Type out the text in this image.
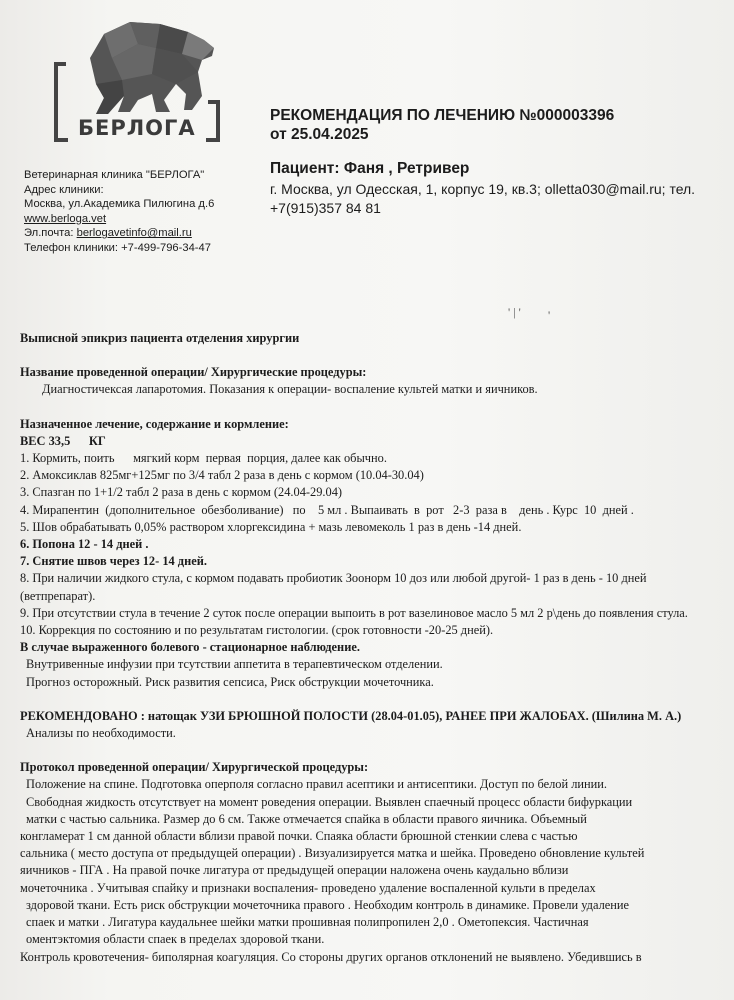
БЕРЛОГА
РЕКОМЕНДАЦИЯ ПО ЛЕЧЕНИЮ №000003396
от 25.04.2025
Пациент: Фаня , Ретривер
г. Москва, ул Одесская, 1, корпус 19, кв.3; olletta030@mail.ru; тел. +7(915)357 84 81
Ветеринарная клиника "БЕРЛОГА"
Адрес клиники:
Москва, ул.Академика Пилюгина д.6
www.berloga.vet
Эл.почта: berlogavetinfo@mail.ru
Телефон клиники: +7-499-796-34-47
' | ' '

Выписной эпикриз пациента отделения хирургии

Название проведенной операции/ Хирургические процедуры:

Диагностичексая лапаротомия. Показания к операции- воспаление культей матки и яичников.

Назначенное лечение, содержание и кормление:

ВЕС 33,5      КГ

1. Кормить, поить      мягкий корм  первая  порция, далее как обычно.

2. Амоксиклав 825мг+125мг по 3/4 табл 2 раза в день с кормом (10.04-30.04)

3. Спазган по 1+1/2 табл 2 раза в день с кормом (24.04-29.04)

4. Мирапентин  (дополнительное  обезболивание)   по    5 мл . Выпаивать  в  рот   2-3  раза в    день . Курс  10  дней .

5. Шов обрабатывать 0,05% раствором хлоргексидина + мазь левомеколь 1 раз в день -14 дней.

6. Попона 12 - 14 дней .

7. Снятие швов через 12- 14 дней.

8. При наличии жидкого стула, с кормом подавать пробиотик Зоонорм 10 доз или любой другой- 1 раз в день - 10 дней (ветпрепарат).

9. При отсутствии стула в течение 2 суток после операции выпоить в рот вазелиновое масло 5 мл 2 р\день до появления стула.

10. Коррекция по состоянию и по результатам гистологии. (срок готовности -20-25 дней).

В случае выраженного болевого - стационарное наблюдение.

Внутривенные инфузии при тсутствии аппетита в терапевтическом отделении.

Прогноз осторожный. Риск развития сепсиса, Риск обструкции мочеточника.

РЕКОМЕНДОВАНО : натощак УЗИ БРЮШНОЙ ПОЛОСТИ (28.04-01.05), РАНЕЕ ПРИ ЖАЛОБАХ. (Шилина М. А.)

Анализы по необходимости.

Протокол проведенной операции/ Хирургической процедуры:

Положение на спине. Подготовка оперполя согласно правил асептики и антисептики. Доступ по белой линии.

Свободная жидкость отсутствует на момент роведения операции. Выявлен спаечный процесс области бифуркации

матки с частью сальника. Размер до 6 см. Также отмечается спайка в области правого яичника. Объемный

конгламерат 1 см данной области вблизи правой почки. Спаяка области брюшной стенкии слева с частью

сальника ( место доступа от предыдущей операции) . Визуализируется матка и шейка. Проведено обновление культей

яичников - ПГА . На правой почке лигатура от предыдущей операции наложена очень каудально вблизи

мочеточника . Учитывая спайку и признаки воспаления- проведено удаление воспаленной культи в пределах

здоровой ткани. Есть риск обструкции мочеточника правого . Необходим контроль в динамике. Провели удаление

спаек и матки . Лигатура каудальнее шейки матки прошивная полипропилен 2,0 . Ометопексия. Частичная

оментэктомия области спаек в пределах здоровой ткани.

Контроль кровотечения- биполярная коагуляция. Со стороны других органов отклонений не выявлено. Убедившись в
